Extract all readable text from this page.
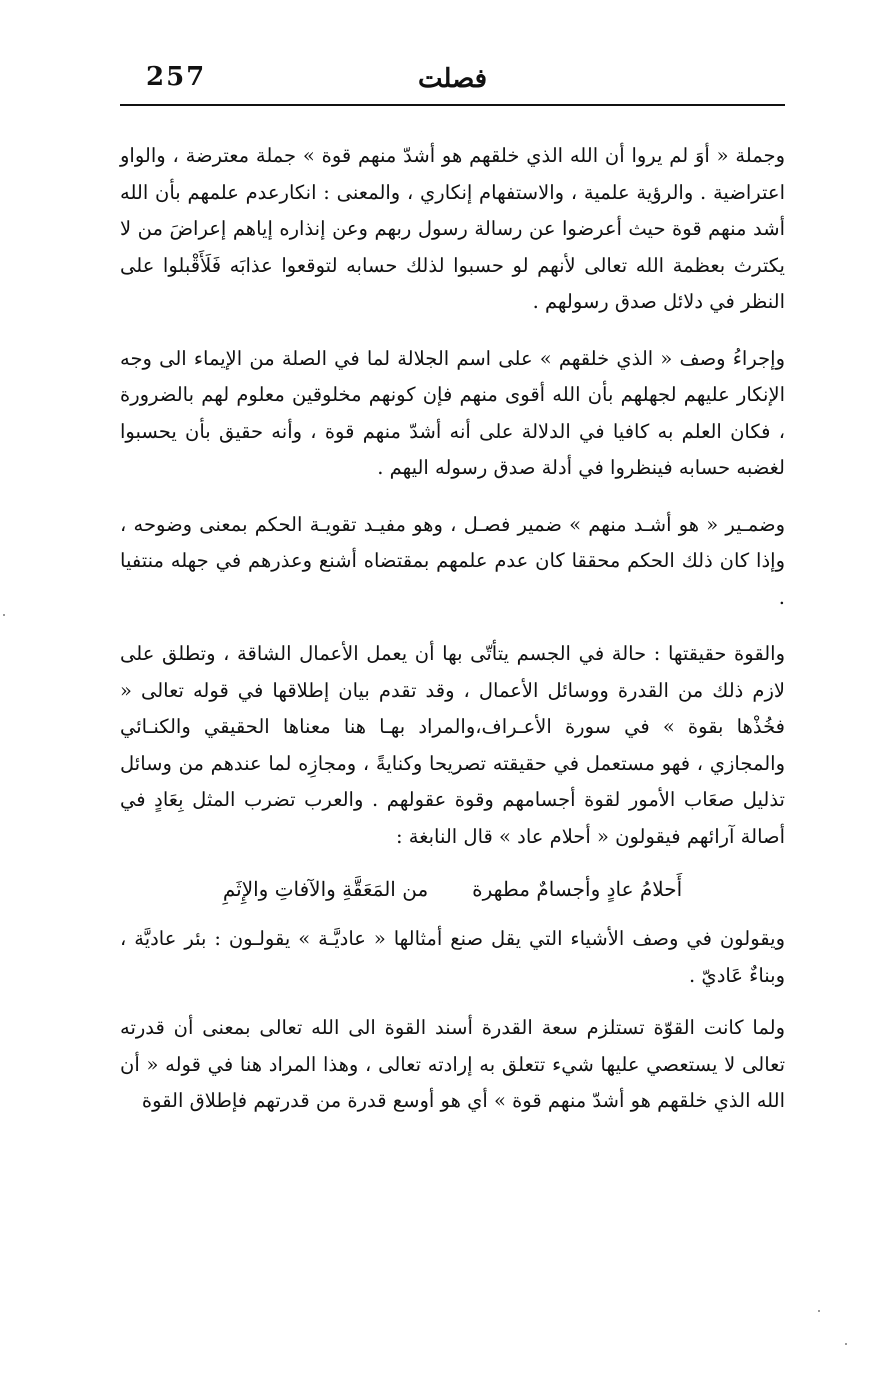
257	فصلت

وجملة « أوَ لم يروا أن الله الذي خلقهم هو أشدّ منهم قوة » جملة معترضة ، والواو اعتراضية . والرؤية علمية ، والاستفهام إنكاري ، والمعنى : انكارعدم علمهم بأن الله أشد منهم قوة حيث أعرضوا عن رسالة رسول ربهم وعن إنذاره إياهم إعراضَ من لا يكترث بعظمة الله تعالى لأنهم لو حسبوا لذلك حسابه لتوقعوا عذابَه فَلَأَقْبلوا على النظر في دلائل صدق رسولهم .

وإجراءُ وصف « الذي خلقهم » على اسم الجلالة لما في الصلة من الإيماء الى وجه الإنكار عليهم لجهلهم بأن الله أقوى منهم فإن كونهم مخلوقين معلوم لهم بالضرورة ، فكان العلم به كافيا في الدلالة على أنه أشدّ منهم قوة ، وأنه حقيق بأن يحسبوا لغضبه حسابه فينظروا في أدلة صدق رسوله اليهم .

وضمـير « هو أشـد منهم » ضمير فصـل ، وهو مفيـد تقويـة الحكم بمعنى وضوحه ، وإذا كان ذلك الحكم محققا كان عدم علمهم بمقتضاه أشنع وعذرهم في جهله منتفيا .

والقوة حقيقتها : حالة في الجسم يتأتّى بها أن يعمل الأعمال الشاقة ، وتطلق على لازم ذلك من القدرة ووسائل الأعمال ، وقد تقدم بيان إطلاقها في قوله تعالى « فخُذْها بقوة » في سورة الأعـراف،والمراد بهـا هنا معناها الحقيقي والكنـائي والمجازي ، فهو مستعمل في حقيقته تصريحا وكنايةً ، ومجازِه لما عندهم من وسائل تذليل صعَاب الأمور لقوة أجسامهم وقوة عقولهم . والعرب تضرب المثل بِعَادٍ في أصالة آرائهم فيقولون « أحلام عاد » قال النابغة :

أَحلامُ عادٍ وأجسامٌ مطهرة
من المَعَقَّةِ والآفاتِ والإِثَمِ

ويقولون في وصف الأشياء التي يقل صنع أمثالها « عاديَّـة » يقولـون : بئر عاديَّة ، وبناءٌ عَاديّ .

ولما كانت القوّة تستلزم سعة القدرة أسند القوة الى الله تعالى بمعنى أن قدرته تعالى لا يستعصي عليها شيء تتعلق به إرادته تعالى ، وهذا المراد هنا في قوله « أن الله الذي خلقهم هو أشدّ منهم قوة » أي هو أوسع قدرة من قدرتهم فإطلاق القوة
